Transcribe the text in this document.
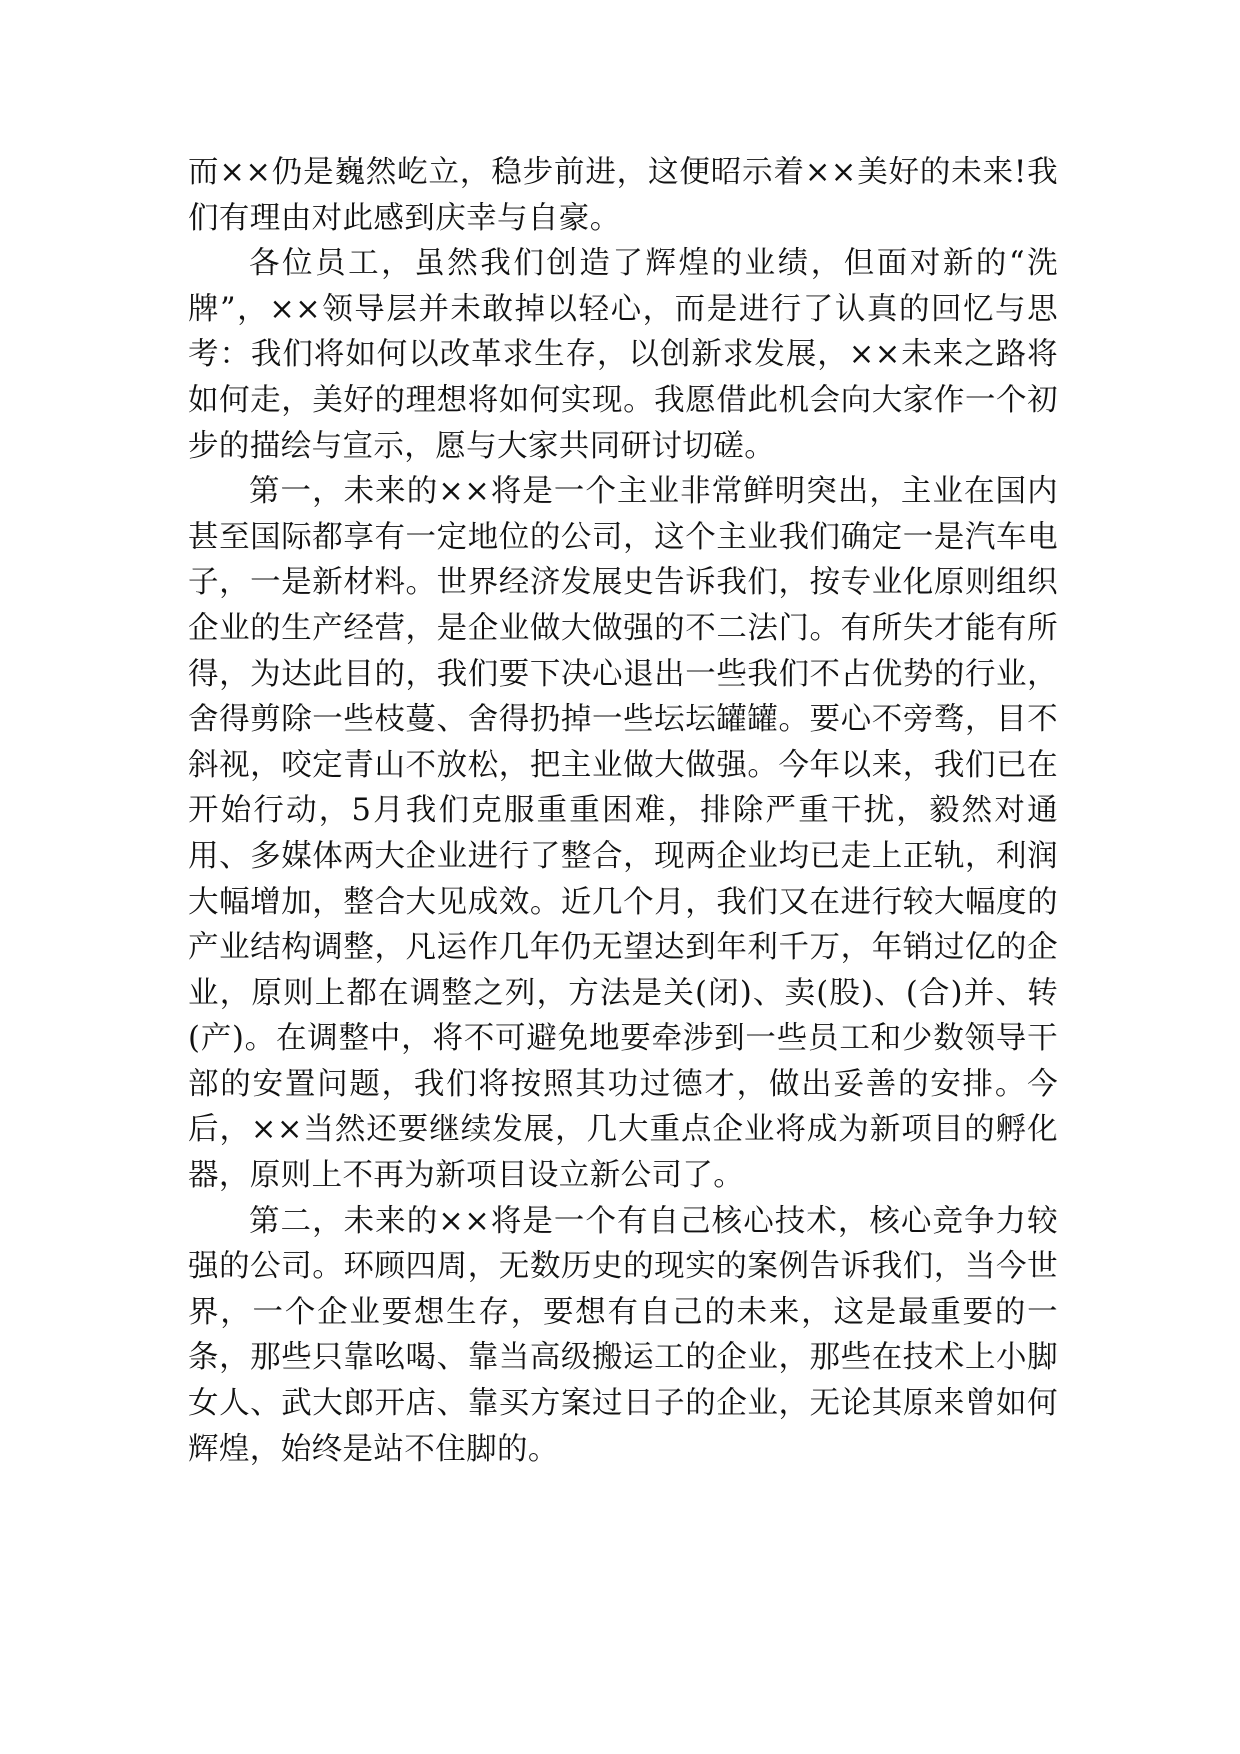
而××仍是巍然屹立，稳步前进，这便昭示着××美好的未来!我们有理由对此感到庆幸与自豪。

各位员工，虽然我们创造了辉煌的业绩，但面对新的“洗牌”，××领导层并未敢掉以轻心，而是进行了认真的回忆与思考：我们将如何以改革求生存，以创新求发展，××未来之路将如何走，美好的理想将如何实现。我愿借此机会向大家作一个初步的描绘与宣示，愿与大家共同研讨切磋。

第一，未来的××将是一个主业非常鲜明突出，主业在国内甚至国际都享有一定地位的公司，这个主业我们确定一是汽车电子，一是新材料。世界经济发展史告诉我们，按专业化原则组织企业的生产经营，是企业做大做强的不二法门。有所失才能有所得，为达此目的，我们要下决心退出一些我们不占优势的行业，舍得剪除一些枝蔓、舍得扔掉一些坛坛罐罐。要心不旁骛，目不斜视，咬定青山不放松，把主业做大做强。今年以来，我们已在开始行动，5月我们克服重重困难，排除严重干扰，毅然对通用、多媒体两大企业进行了整合，现两企业均已走上正轨，利润大幅增加，整合大见成效。近几个月，我们又在进行较大幅度的产业结构调整，凡运作几年仍无望达到年利千万，年销过亿的企业，原则上都在调整之列，方法是关(闭)、卖(股)、(合)并、转(产)。在调整中，将不可避免地要牵涉到一些员工和少数领导干部的安置问题，我们将按照其功过德才，做出妥善的安排。今后，××当然还要继续发展，几大重点企业将成为新项目的孵化器，原则上不再为新项目设立新公司了。

第二，未来的××将是一个有自己核心技术，核心竞争力较强的公司。环顾四周，无数历史的现实的案例告诉我们，当今世界，一个企业要想生存，要想有自己的未来，这是最重要的一条，那些只靠吆喝、靠当高级搬运工的企业，那些在技术上小脚女人、武大郎开店、靠买方案过日子的企业，无论其原来曾如何辉煌，始终是站不住脚的。
